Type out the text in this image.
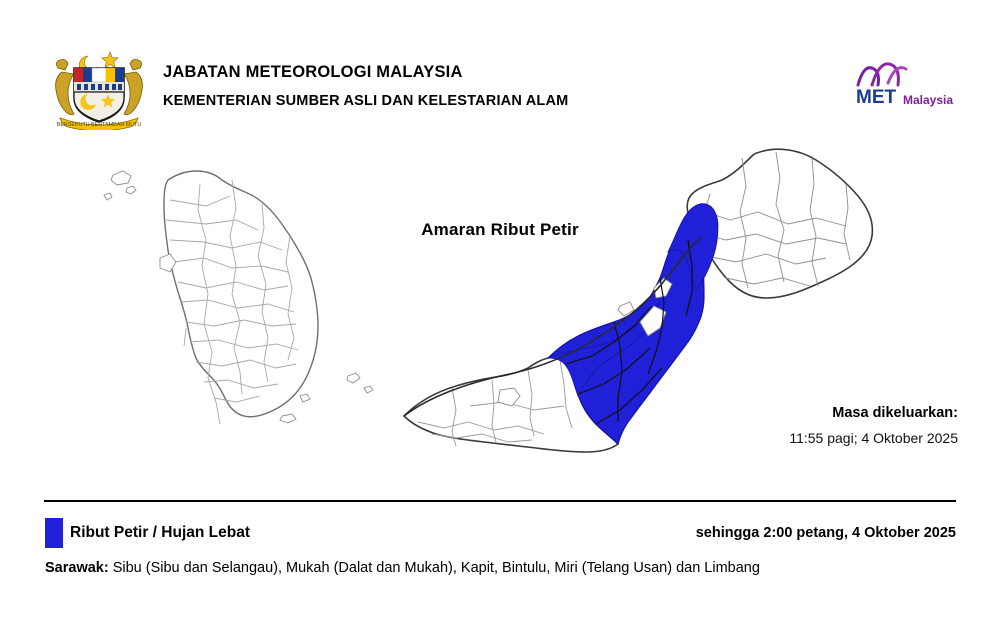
BERSEKUTU BERTAMBAH MUTU
JABATAN METEOROLOGI MALAYSIA
KEMENTERIAN SUMBER ASLI DAN KELESTARIAN ALAM	MET Malaysia
Amaran Ribut Petir
Masa dikeluarkan:
11:55 pagi; 4 Oktober 2025
Ribut Petir / Hujan Lebat	sehingga 2:00 petang, 4 Oktober 2025
Sarawak: Sibu (Sibu dan Selangau), Mukah (Dalat dan Mukah), Kapit, Bintulu, Miri (Telang Usan) dan Limbang
